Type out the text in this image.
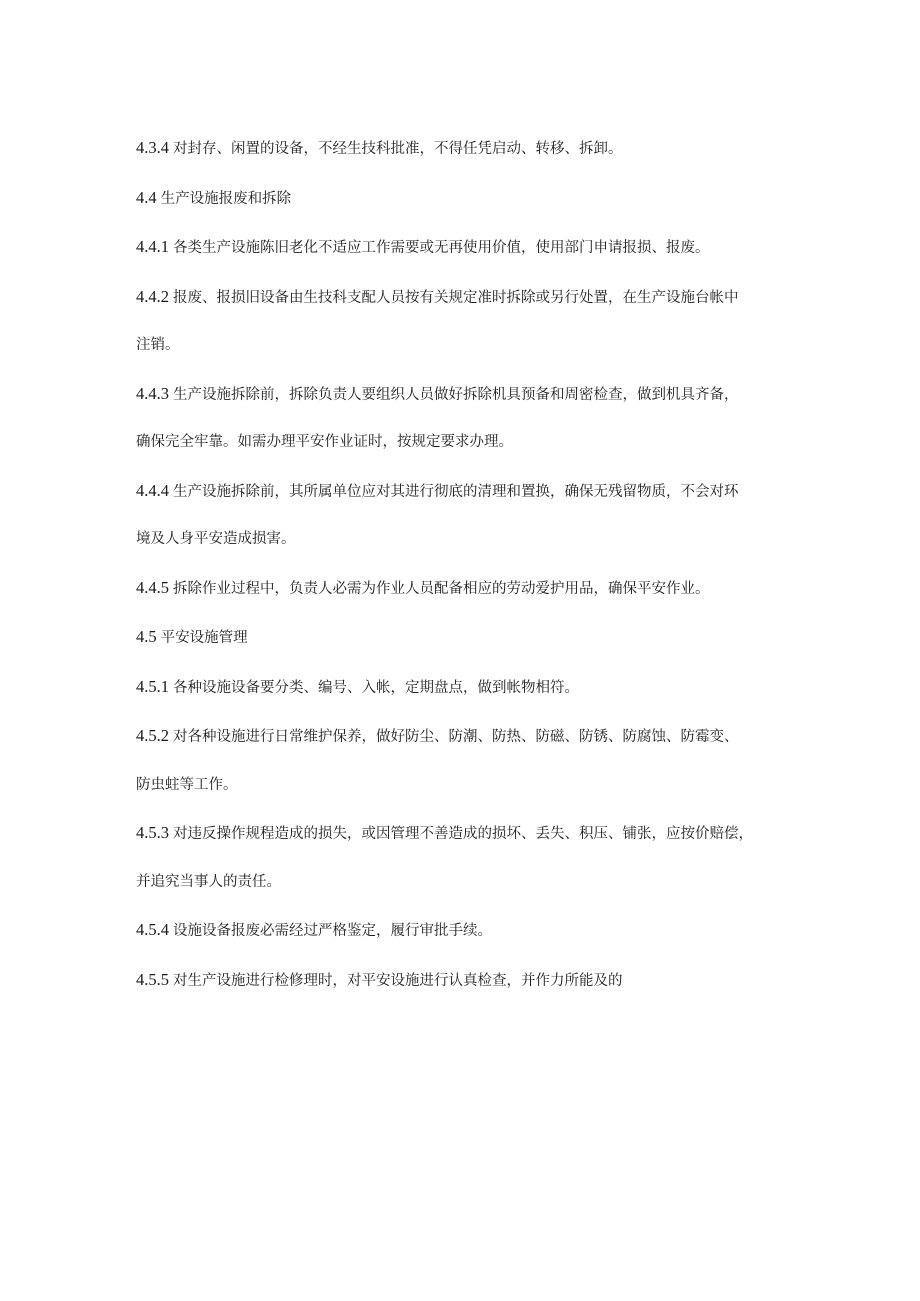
4.3.4 对封存、闲置的设备，不经生技科批准，不得任凭启动、转移、拆卸。

4.4 生产设施报废和拆除

4.4.1 各类生产设施陈旧老化不适应工作需要或无再使用价值，使用部门申请报损、报废。

4.4.2 报废、报损旧设备由生技科支配人员按有关规定准时拆除或另行处置，在生产设施台帐中
注销。

4.4.3 生产设施拆除前，拆除负责人要组织人员做好拆除机具预备和周密检查，做到机具齐备，
确保完全牢靠。如需办理平安作业证时，按规定要求办理。

4.4.4 生产设施拆除前，其所属单位应对其进行彻底的清理和置换，确保无残留物质，不会对环
境及人身平安造成损害。

4.4.5 拆除作业过程中，负责人必需为作业人员配备相应的劳动爱护用品，确保平安作业。

4.5 平安设施管理

4.5.1 各种设施设备要分类、编号、入帐，定期盘点，做到帐物相符。

4.5.2 对各种设施进行日常维护保养，做好防尘、防潮、防热、防磁、防锈、防腐蚀、防霉变、
防虫蛀等工作。

4.5.3 对违反操作规程造成的损失，或因管理不善造成的损坏、丢失、积压、铺张，应按价赔偿，
并追究当事人的责任。

4.5.4 设施设备报废必需经过严格鉴定，履行审批手续。

4.5.5 对生产设施进行检修理时，对平安设施进行认真检查，并作力所能及的
